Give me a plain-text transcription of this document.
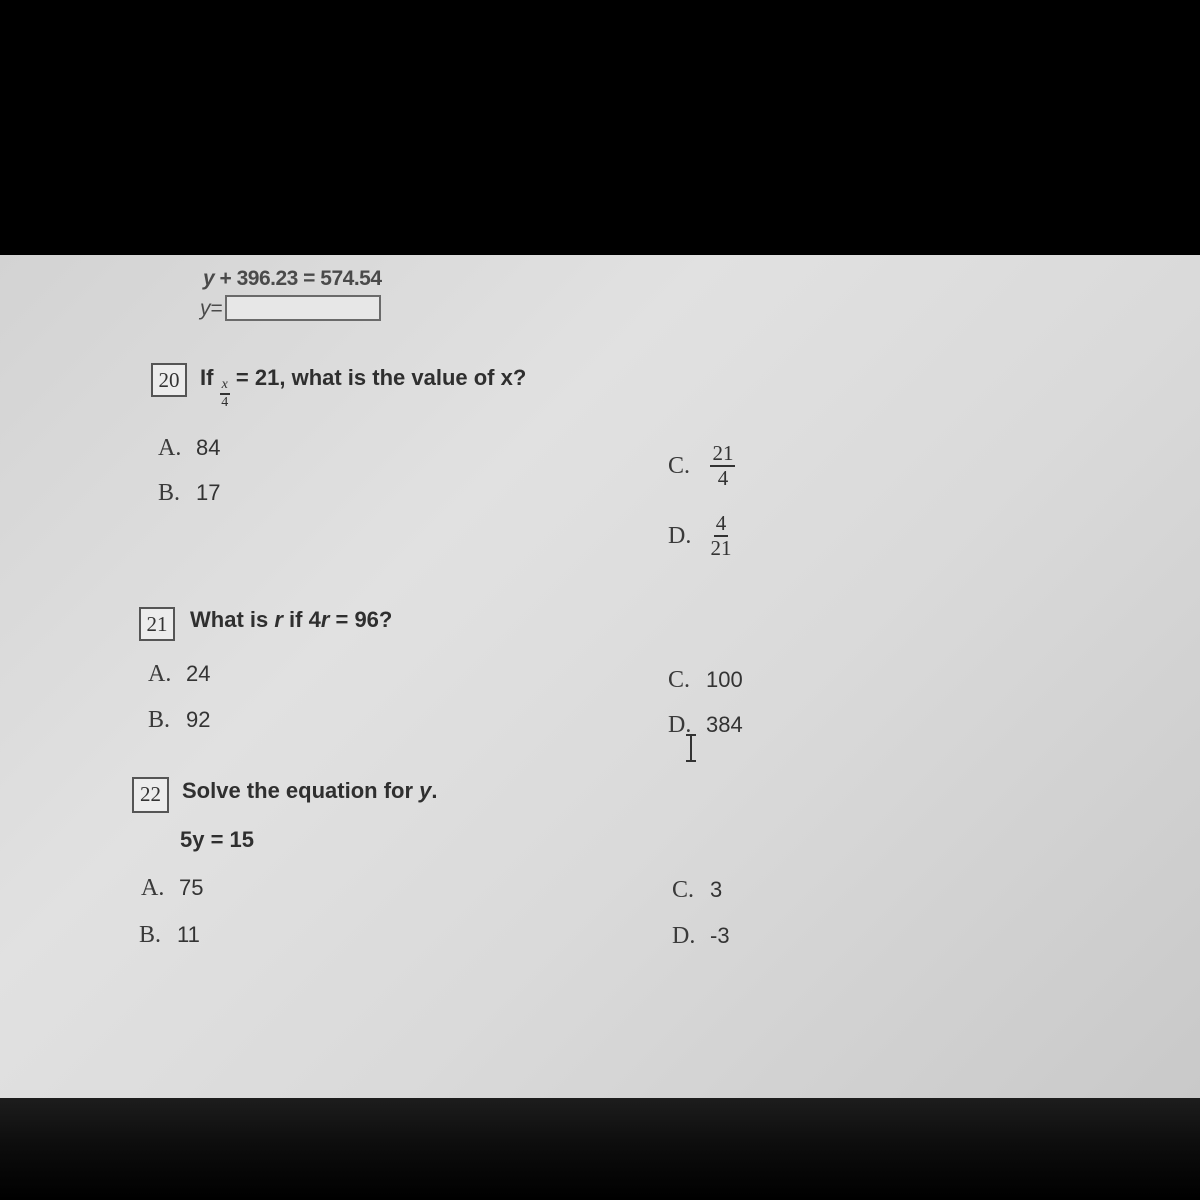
y + 396.23 = 574.54
y=
20 If
$\frac{x}{4}$
= 21, what is the value of x?
A. 84
B. 17
C. $\frac{21}{4}$
D. $\frac{4}{21}$
21	What is r if 4r = 96?
A. 24
B. 92
C. 100
D. 384
22 Solve the equation for y.
5y = 15
A. 75
B. 11
C. 3
D. -3
